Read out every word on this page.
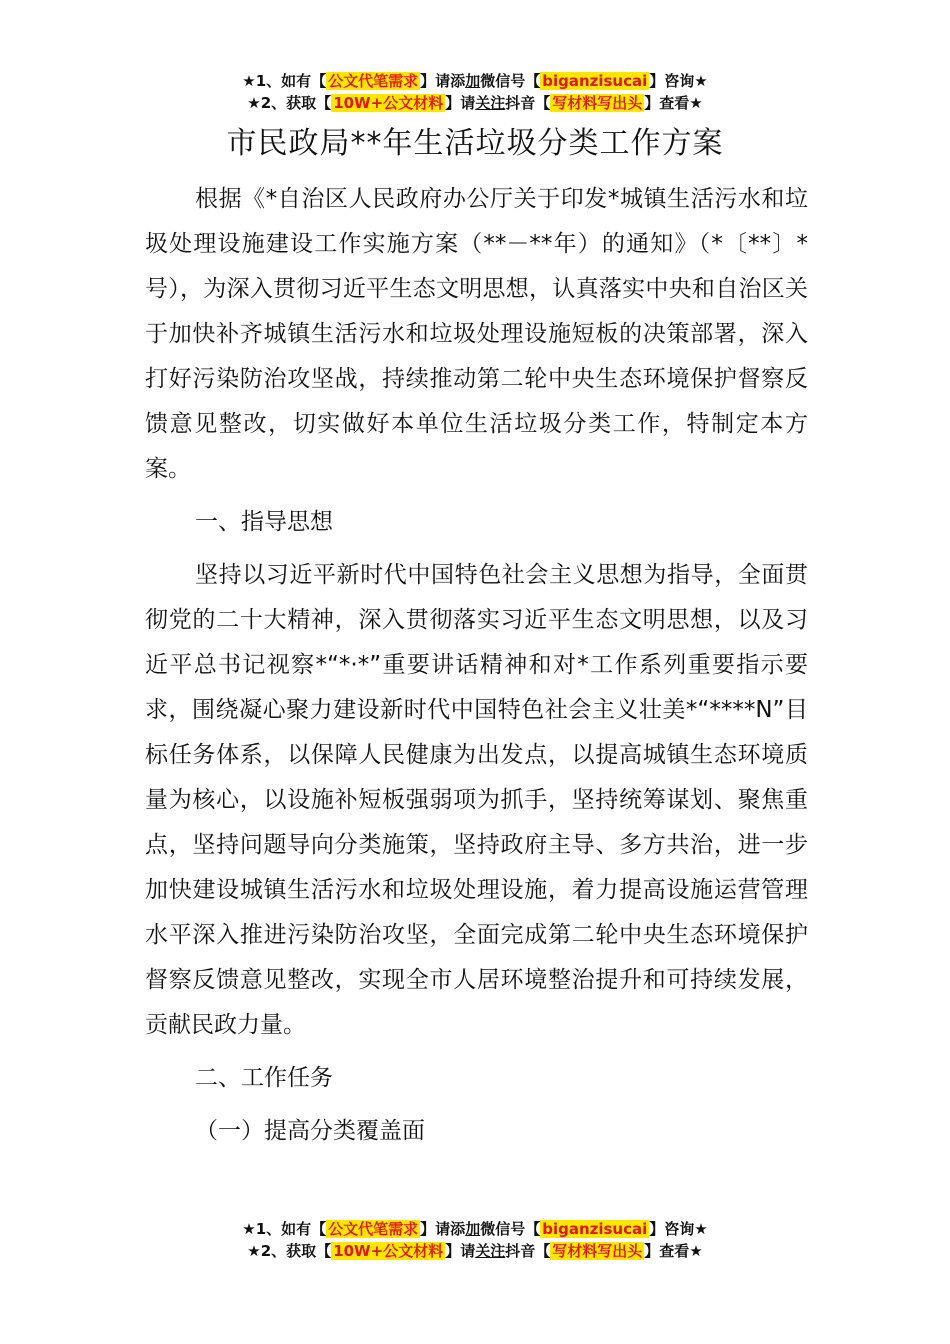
★1、如有【 公文代笔需求 】请添加微信号【 biganzisucai 】咨询★
★2、获取【 10W+公文材料 】请关注抖音【 写材料写出头 】查看★
市民政局**年生活垃圾分类工作方案

根据《*自治区人民政府办公厅关于印发*城镇生活污水和垃圾处理设施建设工作实施方案（**－**年）的通知》（*〔**〕*号），为深入贯彻习近平生态文明思想，认真落实中央和自治区关于加快补齐城镇生活污水和垃圾处理设施短板的决策部署，深入打好污染防治攻坚战，持续推动第二轮中央生态环境保护督察反馈意见整改，切实做好本单位生活垃圾分类工作，特制定本方案。

一、指导思想

坚持以习近平新时代中国特色社会主义思想为指导，全面贯彻党的二十大精神，深入贯彻落实习近平生态文明思想，以及习近平总书记视察*“*·*”重要讲话精神和对*工作系列重要指示要求，围绕凝心聚力建设新时代中国特色社会主义壮美*“****N”目标任务体系，以保障人民健康为出发点，以提高城镇生态环境质量为核心，以设施补短板强弱项为抓手，坚持统筹谋划、聚焦重点，坚持问题导向分类施策，坚持政府主导、多方共治，进一步加快建设城镇生活污水和垃圾处理设施，着力提高设施运营管理水平深入推进污染防治攻坚，全面完成第二轮中央生态环境保护督察反馈意见整改，实现全市人居环境整治提升和可持续发展，贡献民政力量。

二、工作任务

（一）提高分类覆盖面

★1、如有【 公文代笔需求 】请添加微信号【 biganzisucai 】咨询★
★2、获取【 10W+公文材料 】请关注抖音【 写材料写出头 】查看★
